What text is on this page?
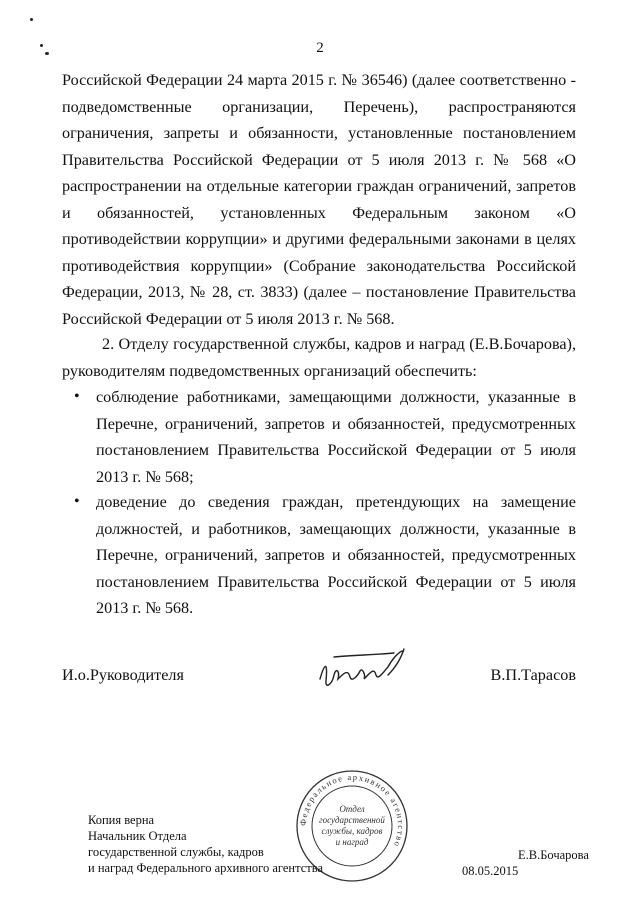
2
Российской Федерации 24 марта 2015 г. № 36546) (далее соответственно - подведомственные организации, Перечень), распространяются ограничения, запреты и обязанности, установленные постановлением Правительства Российской Федерации от 5 июля 2013 г. № 568 «О распространении на отдельные категории граждан ограничений, запретов и обязанностей, установленных Федеральным законом «О противодействии коррупции» и другими федеральными законами в целях противодействия коррупции» (Собрание законодательства Российской Федерации, 2013, № 28, ст. 3833) (далее – постановление Правительства Российской Федерации от 5 июля 2013 г. № 568.
2. Отделу государственной службы, кадров и наград (Е.В.Бочарова), руководителям подведомственных организаций обеспечить:
• соблюдение работниками, замещающими должности, указанные в Перечне, ограничений, запретов и обязанностей, предусмотренных постановлением Правительства Российской Федерации от 5 июля 2013 г. № 568;
• доведение до сведения граждан, претендующих на замещение должностей, и работников, замещающих должности, указанные в Перечне, ограничений, запретов и обязанностей, предусмотренных постановлением Правительства Российской Федерации от 5 июля 2013 г. № 568.
И.о.Руководителя	В.П.Тарасов
Федеральное архивное агентство
Отдел
государственной
службы, кадров
и наград
Копия верна
Начальник Отдела
государственной службы, кадров
и наград Федерального архивного агентства
Е.В.Бочарова
08.05.2015
